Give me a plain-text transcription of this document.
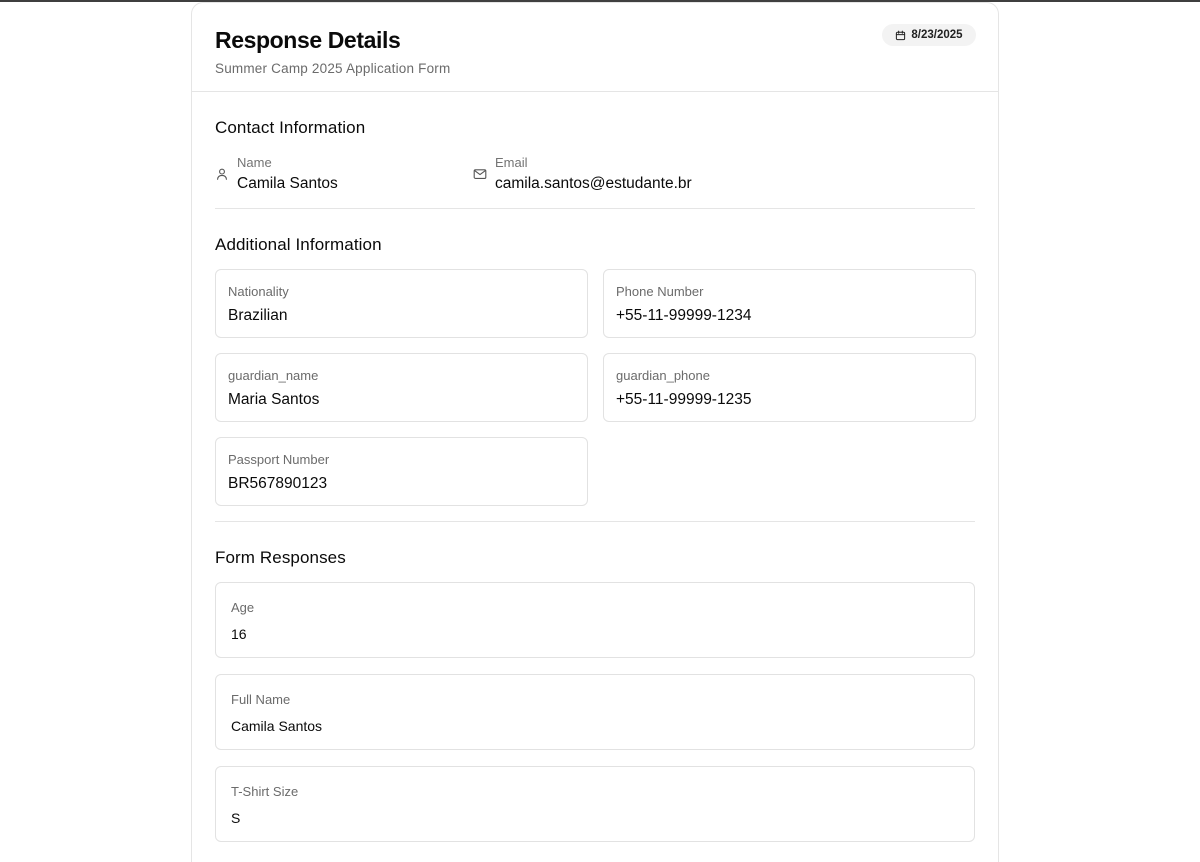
Response Details
Summer Camp 2025 Application Form
8/23/2025
Contact Information
Name
Camila Santos
Email
camila.santos@estudante.br
Additional Information
Nationality
Brazilian
Phone Number
+55-11-99999-1234
guardian_name
Maria Santos
guardian_phone
+55-11-99999-1235
Passport Number
BR567890123
Form Responses
Age
16
Full Name
Camila Santos
T-Shirt Size
S
